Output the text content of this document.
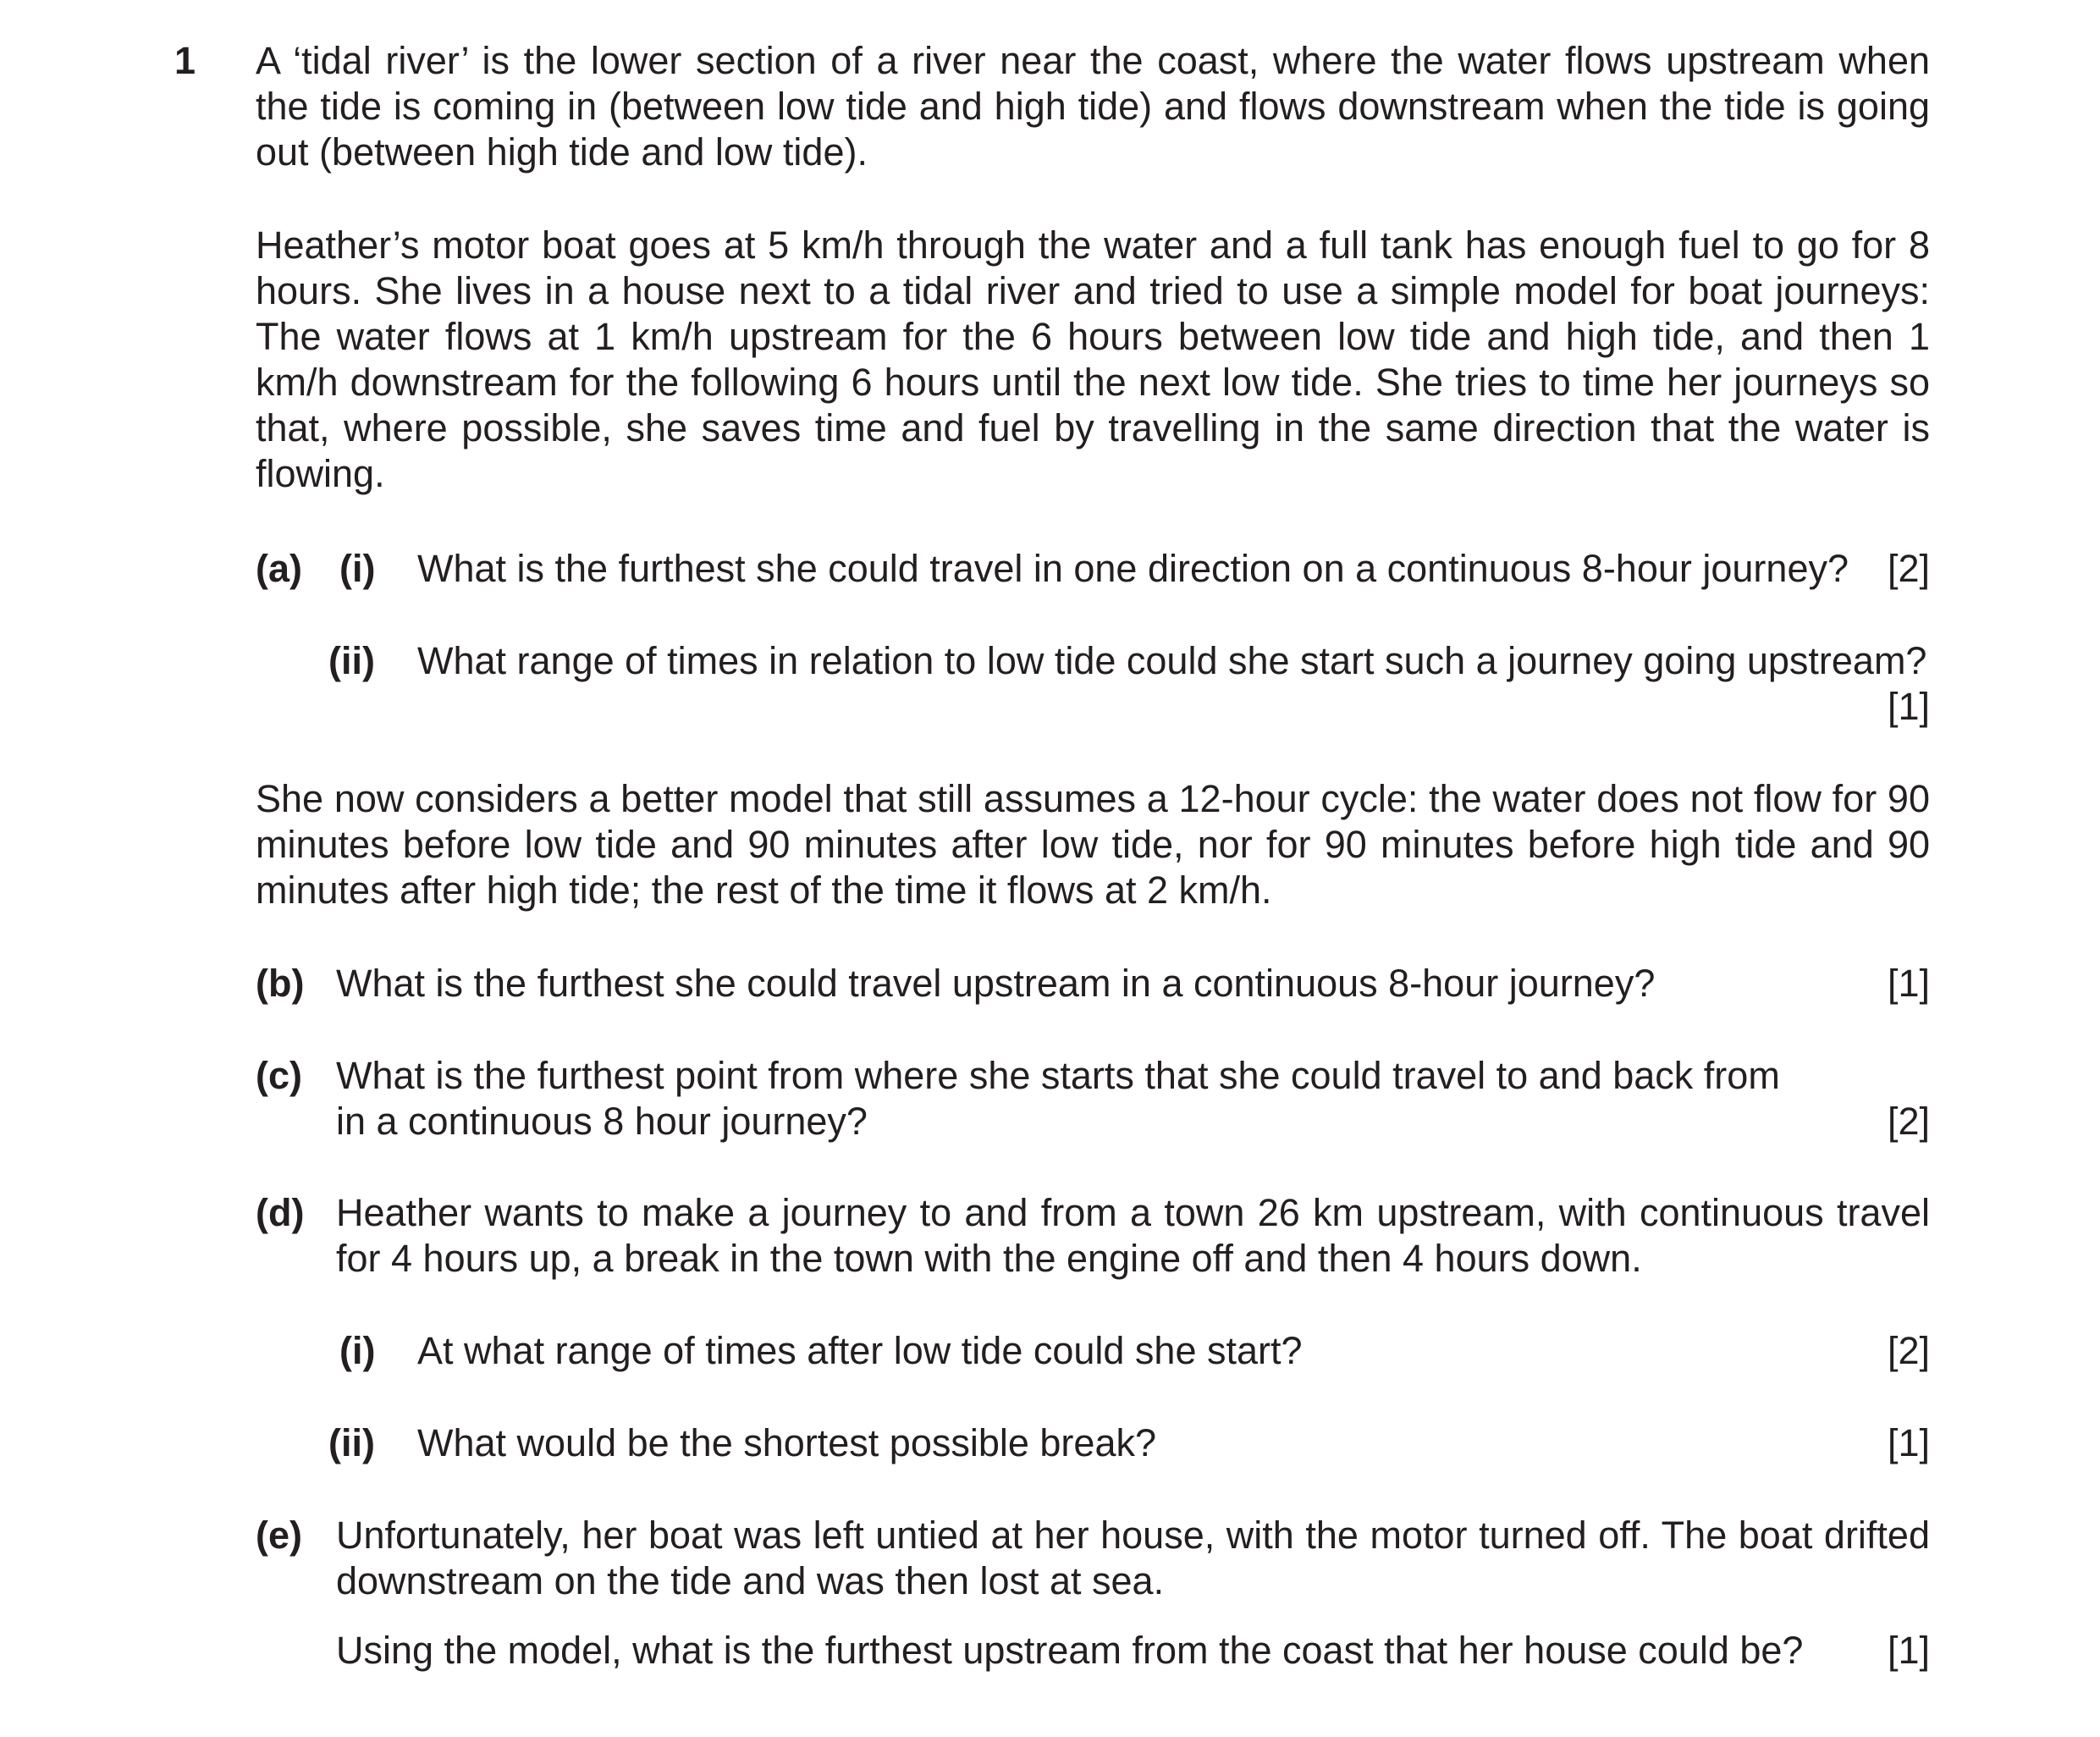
1 A ‘tidal river’ is the lower section of a river near the coast, where the water flows upstream when the tide is coming in (between low tide and high tide) and flows downstream when the tide is going out (between high tide and low tide).

Heather’s motor boat goes at 5 km/h through the water and a full tank has enough fuel to go for 8 hours. She lives in a house next to a tidal river and tried to use a simple model for boat journeys: The water flows at 1 km/h upstream for the 6 hours between low tide and high tide, and then 1 km/h downstream for the following 6 hours until the next low tide. She tries to time her journeys so that, where possible, she saves time and fuel by travelling in the same direction that the water is flowing.

(a) (i) What is the furthest she could travel in one direction on a continuous 8-hour journey? [2]
(ii) What range of times in relation to low tide could she start such a journey going upstream?
[1]

She now considers a better model that still assumes a 12-hour cycle: the water does not flow for 90 minutes before low tide and 90 minutes after low tide, nor for 90 minutes before high tide and 90 minutes after high tide; the rest of the time it flows at 2 km/h.

(b) What is the furthest she could travel upstream in a continuous 8-hour journey?	[1]
(c) What is the furthest point from where she starts that she could travel to and back from in a continuous 8 hour journey?	[2]
(d) Heather wants to make a journey to and from a town 26 km upstream, with continuous travel for 4 hours up, a break in the town with the engine off and then 4 hours down.

(i) At what range of times after low tide could she start?	[2]
(ii) What would be the shortest possible break?	[1]
(e) Unfortunately, her boat was left untied at her house, with the motor turned off. The boat drifted downstream on the tide and was then lost at sea.

Using the model, what is the furthest upstream from the coast that her house could be? [1]
